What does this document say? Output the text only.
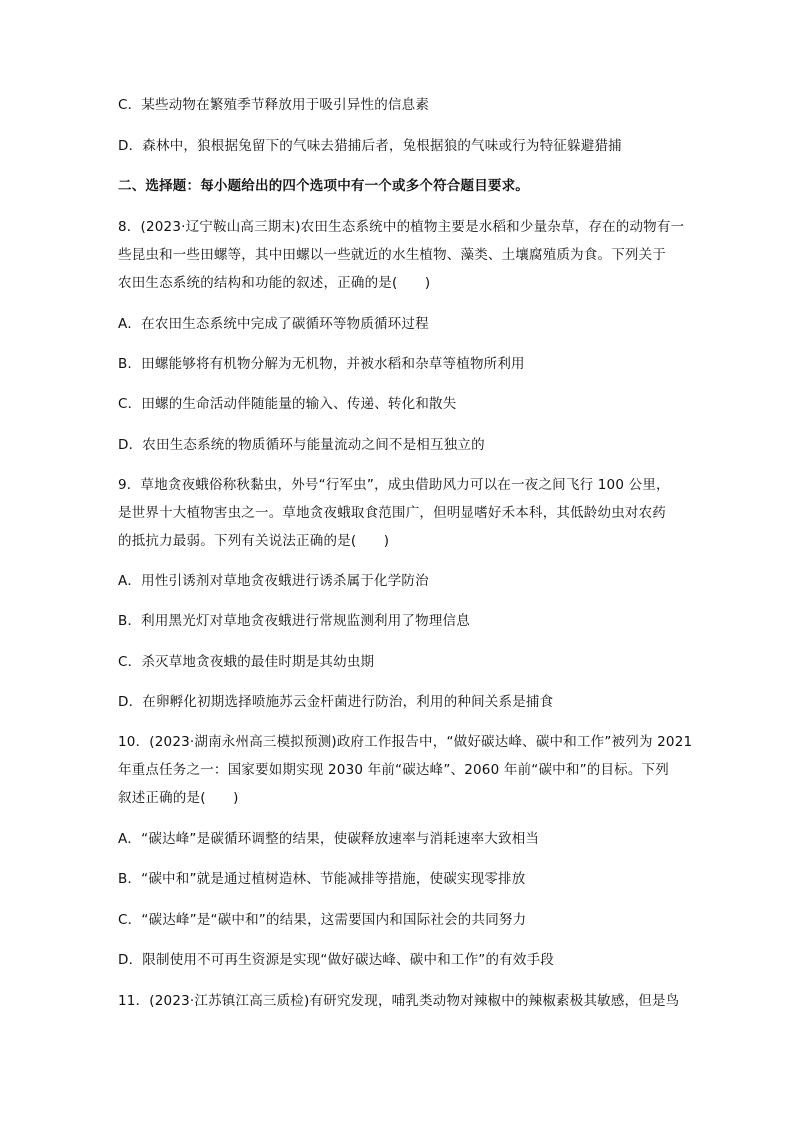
C．某些动物在繁殖季节释放用于吸引异性的信息素
D．森林中，狼根据兔留下的气味去猎捕后者，兔根据狼的气味或行为特征躲避猎捕
二、选择题：每小题给出的四个选项中有一个或多个符合题目要求。
8．(2023·辽宁鞍山高三期末)农田生态系统中的植物主要是水稻和少量杂草，存在的动物有一
些昆虫和一些田螺等，其中田螺以一些就近的水生植物、藻类、土壤腐殖质为食。下列关于
农田生态系统的结构和功能的叙述，正确的是(　　)
A．在农田生态系统中完成了碳循环等物质循环过程
B．田螺能够将有机物分解为无机物，并被水稻和杂草等植物所利用
C．田螺的生命活动伴随能量的输入、传递、转化和散失
D．农田生态系统的物质循环与能量流动之间不是相互独立的
9．草地贪夜蛾俗称秋黏虫，外号“行军虫”，成虫借助风力可以在一夜之间飞行 100 公里，
是世界十大植物害虫之一。草地贪夜蛾取食范围广，但明显嗜好禾本科，其低龄幼虫对农药
的抵抗力最弱。下列有关说法正确的是(　　)
A．用性引诱剂对草地贪夜蛾进行诱杀属于化学防治
B．利用黑光灯对草地贪夜蛾进行常规监测利用了物理信息
C．杀灭草地贪夜蛾的最佳时期是其幼虫期
D．在卵孵化初期选择喷施苏云金杆菌进行防治，利用的种间关系是捕食
10．(2023·湖南永州高三模拟预测)政府工作报告中，“做好碳达峰、碳中和工作”被列为 2021
年重点任务之一：国家要如期实现 2030 年前“碳达峰”、2060 年前“碳中和”的目标。下列
叙述正确的是(　　)
A．“碳达峰”是碳循环调整的结果，使碳释放速率与消耗速率大致相当
B．“碳中和”就是通过植树造林、节能减排等措施，使碳实现零排放
C．“碳达峰”是“碳中和”的结果，这需要国内和国际社会的共同努力
D．限制使用不可再生资源是实现“做好碳达峰、碳中和工作”的有效手段
11．(2023·江苏镇江高三质检)有研究发现，哺乳类动物对辣椒中的辣椒素极其敏感，但是鸟
